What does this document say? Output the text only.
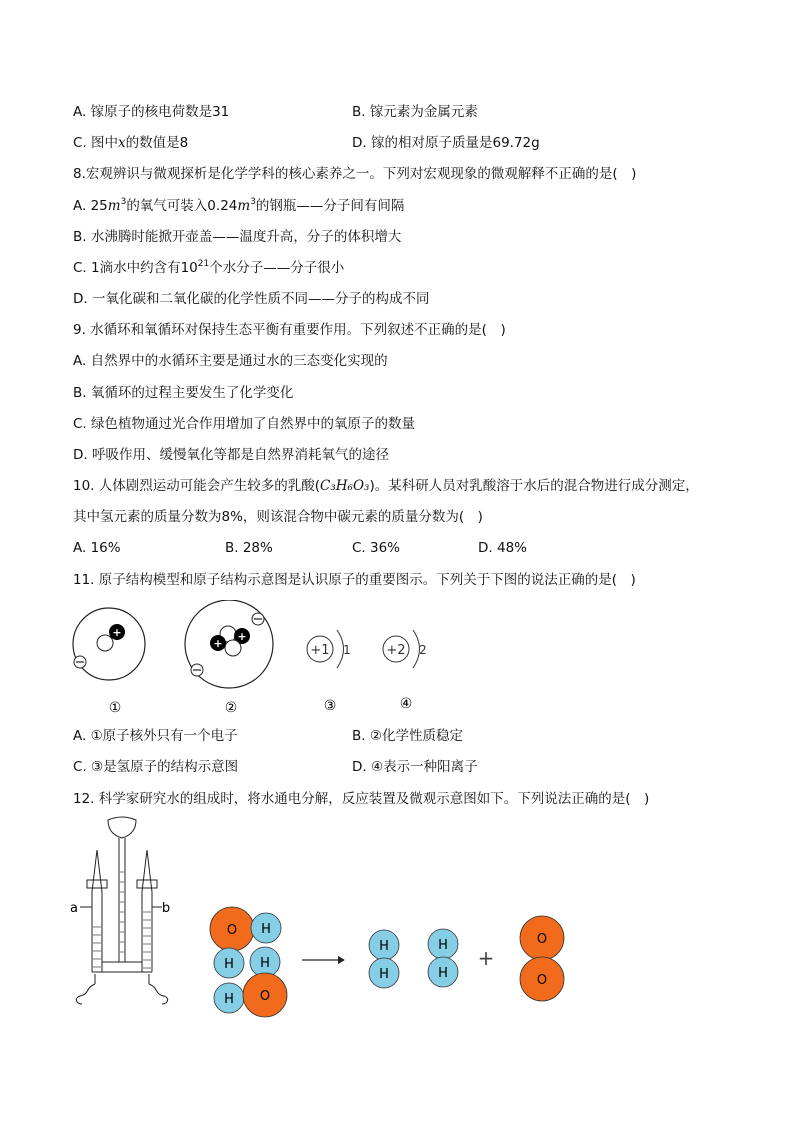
A. 镓原子的核电荷数是31	B. 镓元素为金属元素
C. 图中x的数值是8	D. 镓的相对原子质量是69.72g
8.宏观辨识与微观探析是化学学科的核心素养之一。下列对宏观现象的微观解释不正确的是(　)
A. $25m^3$的氧气可装入$0.24m^3$的钢瓶——分子间有间隔
B. 水沸腾时能掀开壶盖——温度升高，分子的体积增大
C. 1滴水中约含有$10^{21}$个水分子——分子很小
D. 一氧化碳和二氧化碳的化学性质不同——分子的构成不同
9. 水循环和氧循环对保持生态平衡有重要作用。下列叙述不正确的是(　)
A. 自然界中的水循环主要是通过水的三态变化实现的
B. 氧循环的过程主要发生了化学变化
C. 绿色植物通过光合作用增加了自然界中的氧原子的数量
D. 呼吸作用、缓慢氧化等都是自然界消耗氧气的途径
10. 人体剧烈运动可能会产生较多的乳酸(C₃H₆O₃)。某科研人员对乳酸溶于水后的混合物进行成分测定，
其中氢元素的质量分数为8%，则该混合物中碳元素的质量分数为(　)
A. 16%	B. 28%	C. 36%	D. 48%
11. 原子结构模型和原子结构示意图是认识原子的重要图示。下列关于下图的说法正确的是(　)
+	+
+	+1 1	+2 2
①	②	③	④
A. ①原子核外只有一个电子	B. ②化学性质稳定
C. ③是氢原子的结构示意图	D. ④表示一种阳离子
12. 科学家研究水的组成时，将水通电分解，反应装置及微观示意图如下。下列说法正确的是(　)
a	b
O H
H H
H O
H
H
H
H
+
O
O
